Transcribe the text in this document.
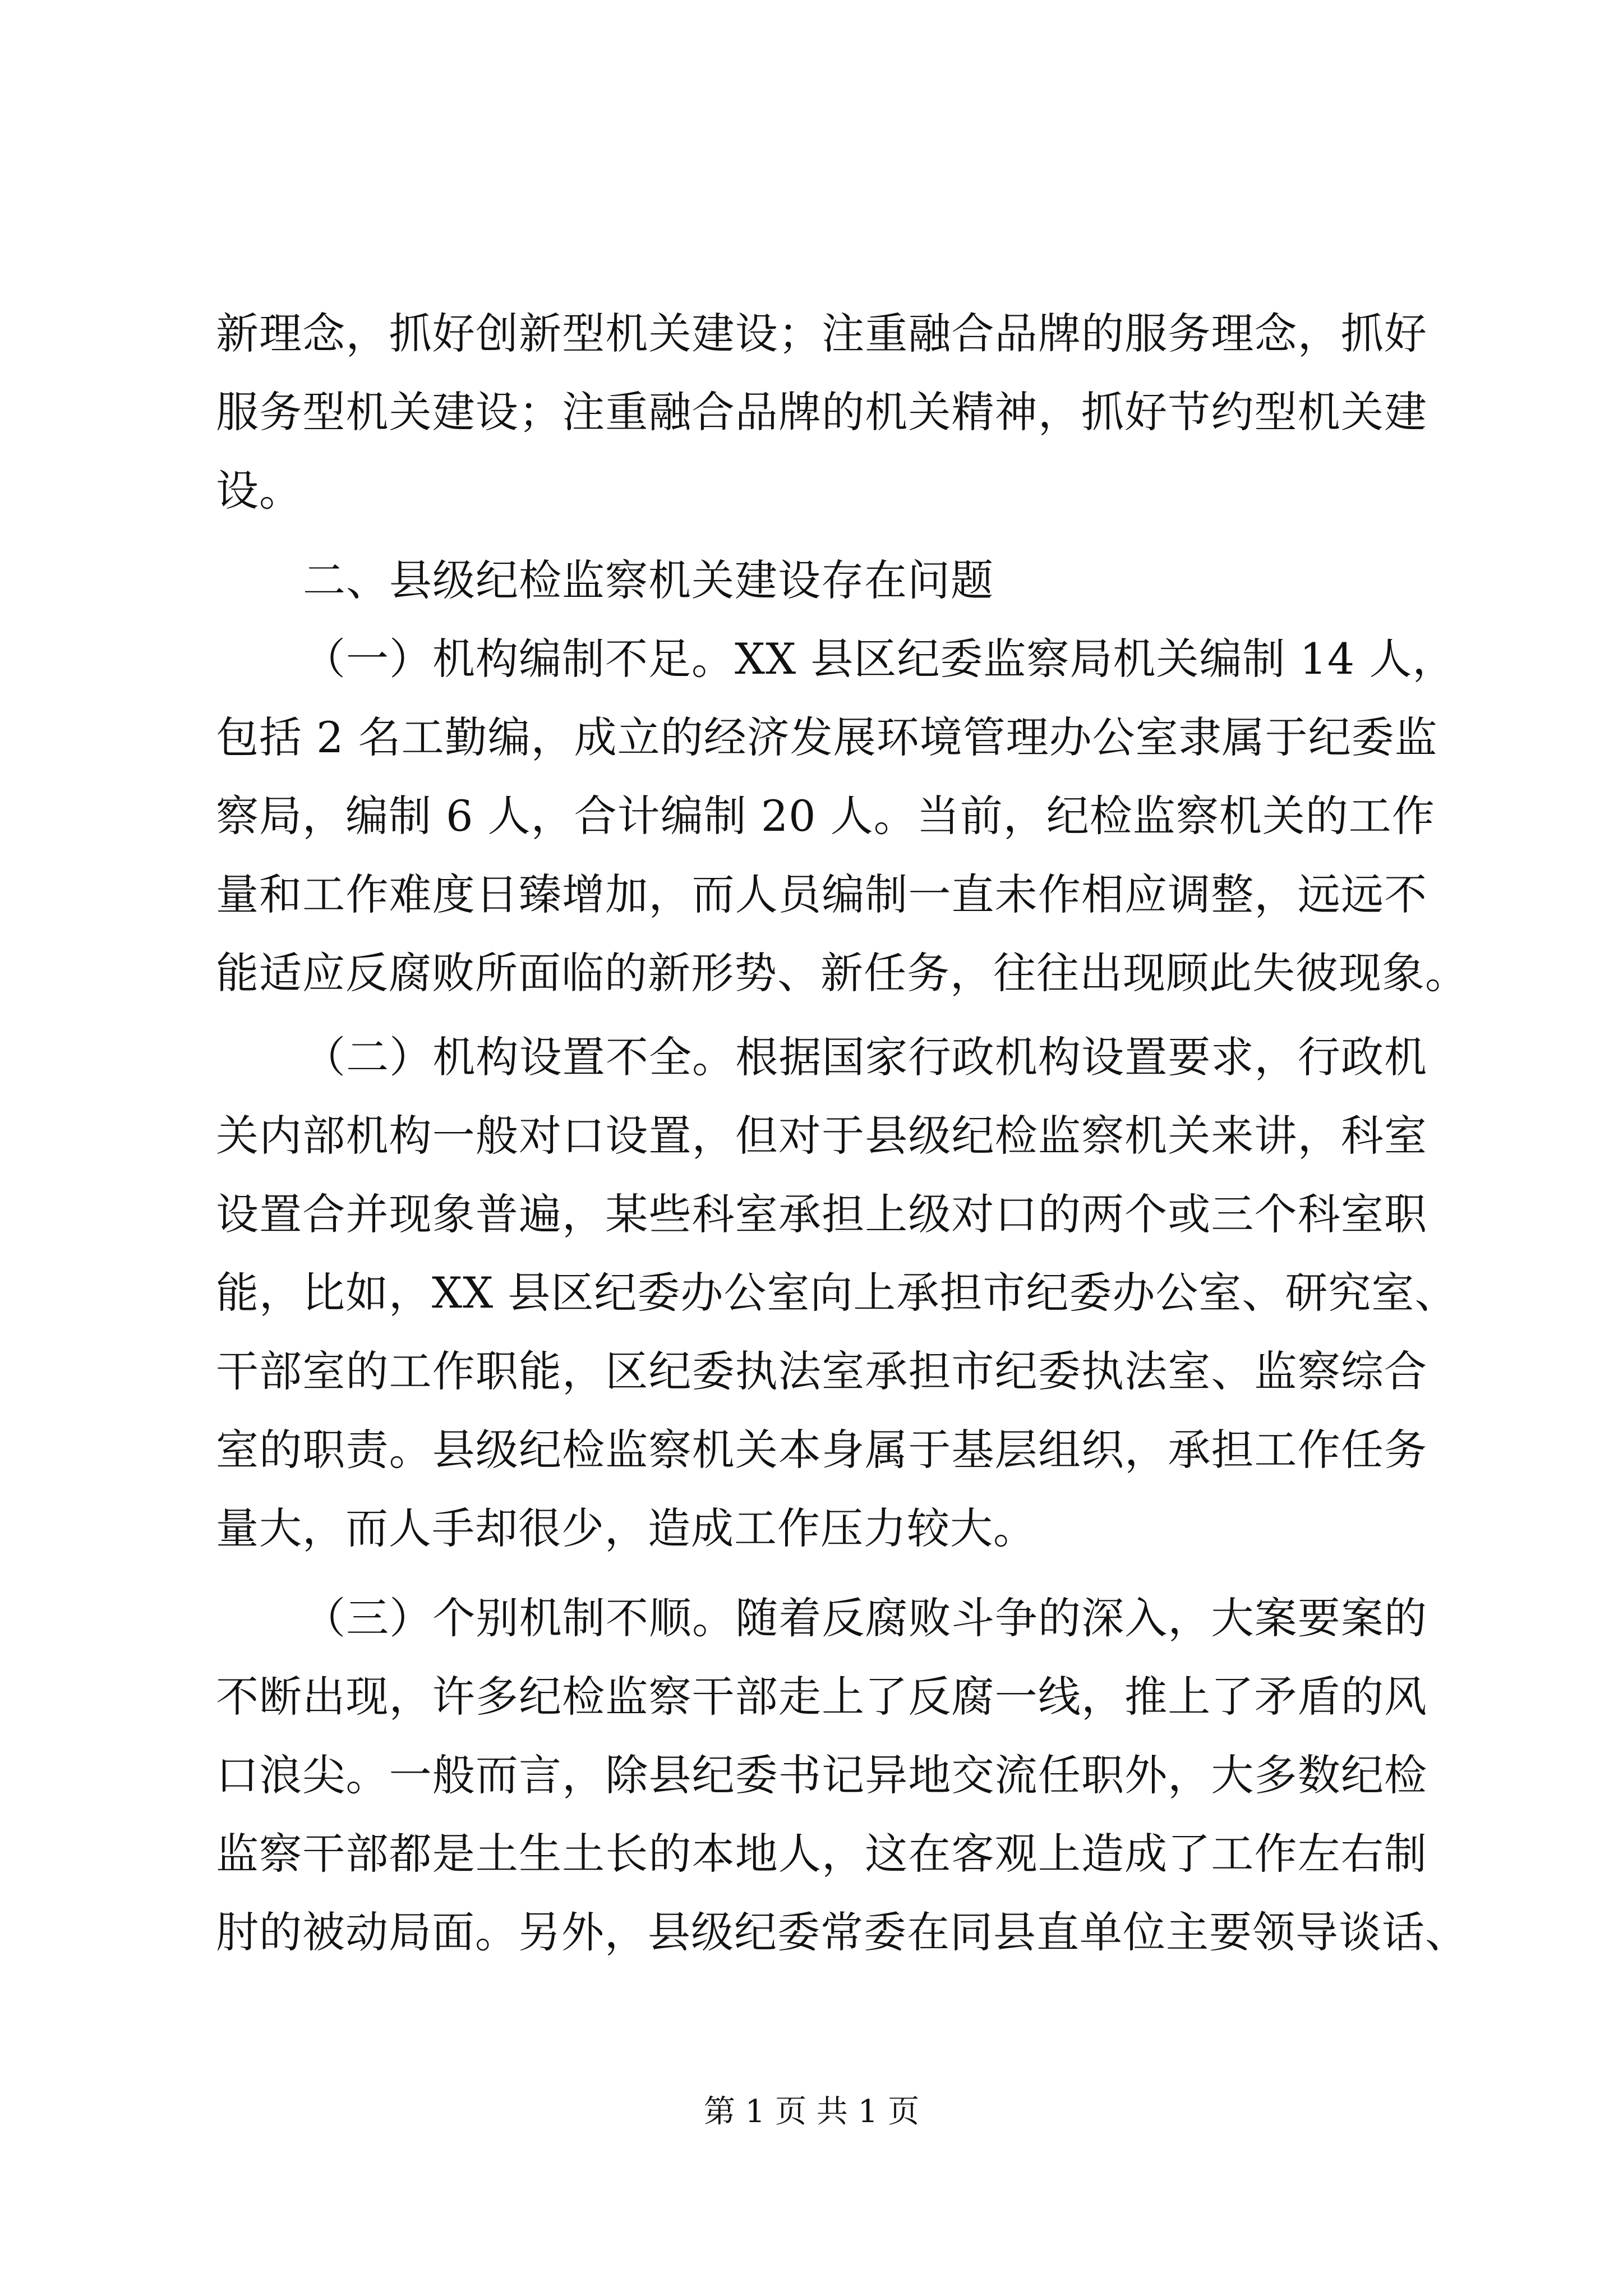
新理念，抓好创新型机关建设；注重融合品牌的服务理念，抓好

服务型机关建设；注重融合品牌的机关精神，抓好节约型机关建

设。

二、县级纪检监察机关建设存在问题

（一）机构编制不足。XX 县区纪委监察局机关编制 14 人，

包括 2 名工勤编，成立的经济发展环境管理办公室隶属于纪委监

察局，编制 6 人，合计编制 20 人。当前，纪检监察机关的工作

量和工作难度日臻增加，而人员编制一直未作相应调整，远远不

能适应反腐败所面临的新形势、新任务，往往出现顾此失彼现象。

（二）机构设置不全。根据国家行政机构设置要求，行政机

关内部机构一般对口设置，但对于县级纪检监察机关来讲，科室

设置合并现象普遍，某些科室承担上级对口的两个或三个科室职

能，比如，XX 县区纪委办公室向上承担市纪委办公室、研究室、

干部室的工作职能，区纪委执法室承担市纪委执法室、监察综合

室的职责。县级纪检监察机关本身属于基层组织，承担工作任务

量大，而人手却很少，造成工作压力较大。

（三）个别机制不顺。随着反腐败斗争的深入，大案要案的

不断出现，许多纪检监察干部走上了反腐一线，推上了矛盾的风

口浪尖。一般而言，除县纪委书记异地交流任职外，大多数纪检

监察干部都是土生土长的本地人，这在客观上造成了工作左右制

肘的被动局面。另外，县级纪委常委在同县直单位主要领导谈话、

第 1 页 共 1 页
